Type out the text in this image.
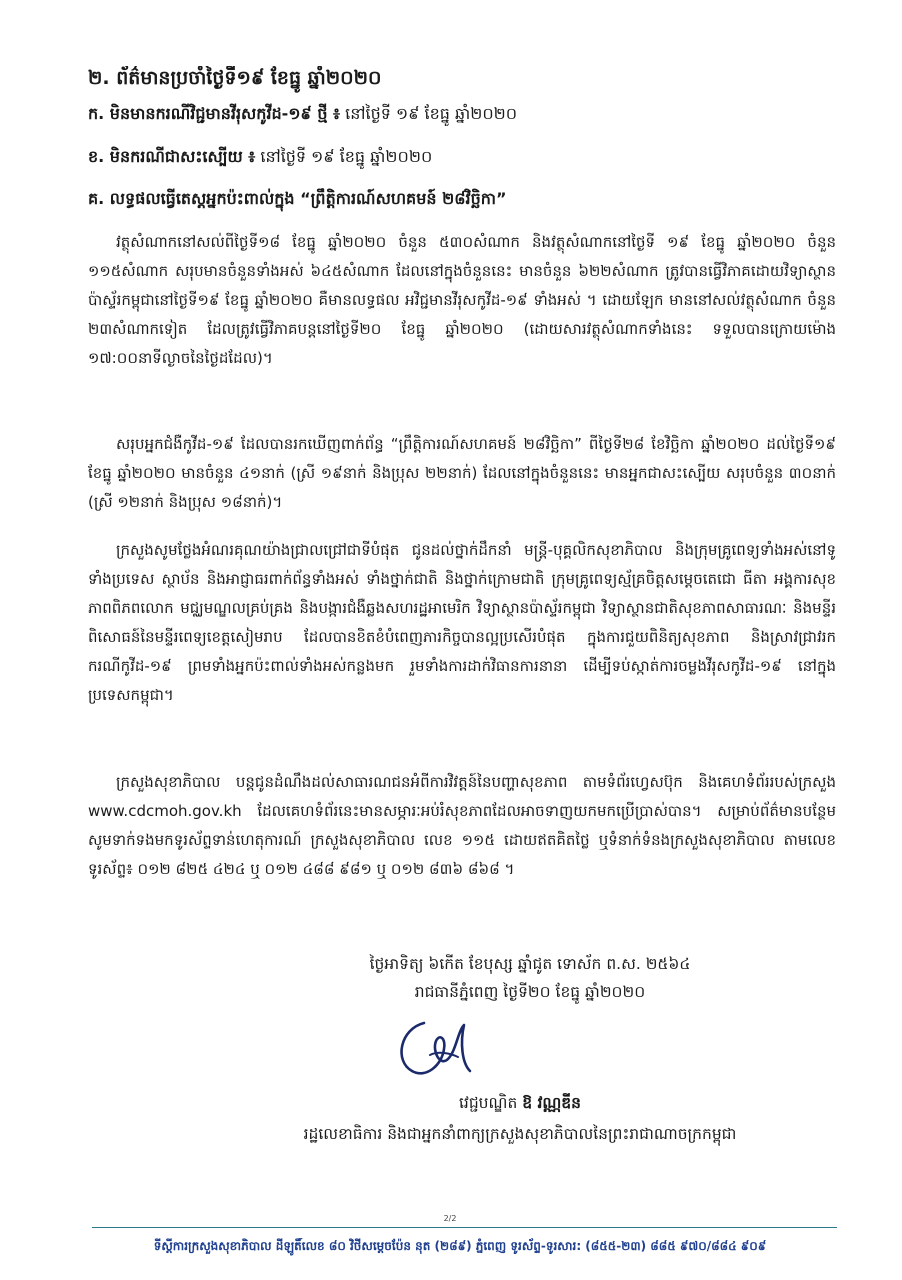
២. ព័ត៌មានប្រចាំថ្ងៃទី១៩ ខែធ្នូ ឆ្នាំ២០២០
ក. មិនមានករណីវិជ្ជមានវីរុសកូវីដ-១៩ ថ្មី ៖ នៅថ្ងៃទី ១៩ ខែធ្នូ ឆ្នាំ២០២០
ខ. មិនករណីជាសះស្បើយ ៖ នៅថ្ងៃទី ១៩ ខែធ្នូ ឆ្នាំ២០២០
គ. លទ្ធផលធ្វើតេស្តអ្នកប៉ះពាល់ក្នុង “ព្រឹត្តិការណ៍សហគមន៍ ២៨វិច្ឆិកា”

វត្ថុសំណាកនៅសល់ពីថ្ងៃទី១៨ ខែធ្នូ ឆ្នាំ២០២០ ចំនួន ៥៣០សំណាក និងវត្ថុសំណាកនៅថ្ងៃទី ១៩ ខែធ្នូ ឆ្នាំ២០២០ ចំនួន ១១៥សំណាក សរុបមានចំនួនទាំងអស់ ៦៤៥សំណាក ដែលនៅក្នុងចំនួននេះ មានចំនួន ៦២២សំណាក ត្រូវបានធ្វើវិភាគដោយវិទ្យាស្ថានប៉ាស្ទ័រកម្ពុជានៅថ្ងៃទី១៩ ខែធ្នូ ឆ្នាំ២០២០ គឺមានលទ្ធផល អវិជ្ជមានវីរុសកូវីដ-១៩ ទាំងអស់ ។ ដោយឡែក មាននៅសល់វត្ថុសំណាក ចំនួន ២៣សំណាកទៀត ដែលត្រូវធ្វើវិភាគបន្តនៅថ្ងៃទី២០ ខែធ្នូ ឆ្នាំ២០២០ (ដោយសារវត្ថុសំណាកទាំងនេះ ទទួលបានក្រោយម៉ោង ១៧:០០នាទីល្ងាចនៃថ្ងៃដដែល)។

សរុបអ្នកជំងឺកូវីដ-១៩ ដែលបានរកឃើញពាក់ព័ន្ធ “ព្រឹត្តិការណ៍សហគមន៍ ២៨វិច្ឆិកា” ពីថ្ងៃទី២៨ ខែវិច្ឆិកា ឆ្នាំ២០២០ ដល់ថ្ងៃទី១៩ ខែធ្នូ ឆ្នាំ២០២០ មានចំនួន ៤១នាក់ (ស្រី ១៩នាក់ និងប្រុស ២២នាក់) ដែលនៅក្នុងចំនួននេះ មានអ្នកជាសះស្បើយ សរុបចំនួន ៣០នាក់ (ស្រី ១២នាក់ និងប្រុស ១៨នាក់)។

ក្រសួងសូមថ្លែងអំណរគុណយ៉ាងជ្រាលជ្រៅជាទីបំផុត ជូនដល់ថ្នាក់ដឹកនាំ មន្ត្រី-បុគ្គលិកសុខាភិបាល និងក្រុមគ្រូពេទ្យទាំងអស់នៅទូទាំងប្រទេស ស្ថាប័ន និងអាជ្ញាធរពាក់ព័ន្ធទាំងអស់ ទាំងថ្នាក់ជាតិ និងថ្នាក់ក្រោមជាតិ ក្រុមគ្រូពេទ្យស្ម័គ្រចិត្តសម្តេចតេជោ ធីតា អង្គការសុខភាពពិភពលោក មជ្ឈមណ្ឌលគ្រប់គ្រង និងបង្ការជំងឺឆ្លងសហរដ្ឋអាមេរិក វិទ្យាស្ថានប៉ាស្ទ័រកម្ពុជា វិទ្យាស្ថានជាតិសុខភាពសាធារណៈ និងមន្ទីរពិសោធន៍នៃមន្ទីរពេទ្យខេត្តសៀមរាប ដែលបានខិតខំបំពេញភារកិច្ចបានល្អប្រសើរបំផុត ក្នុងការជួយពិនិត្យសុខភាព និងស្រាវជ្រាវរកករណីកូវីដ-១៩ ព្រមទាំងអ្នកប៉ះពាល់ទាំងអស់កន្លងមក រួមទាំងការដាក់វិធានការនានា ដើម្បីទប់ស្កាត់ការចម្លងវីរុសកូវីដ-១៩ នៅក្នុងប្រទេសកម្ពុជា។

ក្រសួងសុខាភិបាល បន្តជូនដំណឹងដល់សាធារណជនអំពីការវិវត្តន៍នៃបញ្ហាសុខភាព តាមទំព័រហ្វេសប៊ុក និងគេហទំព័ររបស់ក្រសួង www.cdcmoh.gov.kh ដែលគេហទំព័រនេះមានសម្ភារៈអប់រំសុខភាពដែលអាចទាញយកមកប្រើប្រាស់បាន។ សម្រាប់ព័ត៌មានបន្ថែម សូមទាក់ទងមកទូរស័ព្ទទាន់ហេតុការណ៍ ក្រសួងសុខាភិបាល លេខ ១១៥ ដោយឥតគិតថ្លៃ ឬទំនាក់ទំនងក្រសួងសុខាភិបាល តាមលេខទូរស័ព្ទ៖ ០១២ ៨២៥ ៤២៤ ឬ ០១២ ៤៨៨ ៩៨១ ឬ ០១២ ៨៣៦ ៨៦៨ ។

ថ្ងៃអាទិត្យ ៦កើត ខែបុស្ស ឆ្នាំជូត ទោស័ក ព.ស. ២៥៦៤
រាជធានីភ្នំពេញ ថ្ងៃទី២០ ខែធ្នូ ឆ្នាំ២០២០
វេជ្ជបណ្ឌិត ឱ វណ្ណឌីន
រដ្ឋលេខាធិការ និងជាអ្នកនាំពាក្យក្រសួងសុខាភិបាលនៃព្រះរាជាណាចក្រកម្ពុជា
2/2
ទីស្តីការក្រសួងសុខាភិបាល ដីឡូតិ៍លេខ ៨០ វិថីសម្តេចប៉ែន នុត (២៨៩) ភ្នំពេញ ទូរស័ព្ទ-ទូរសារ: (៨៥៥-២៣) ៨៨៥ ៩៧០/៨៨៤ ៩០៩
